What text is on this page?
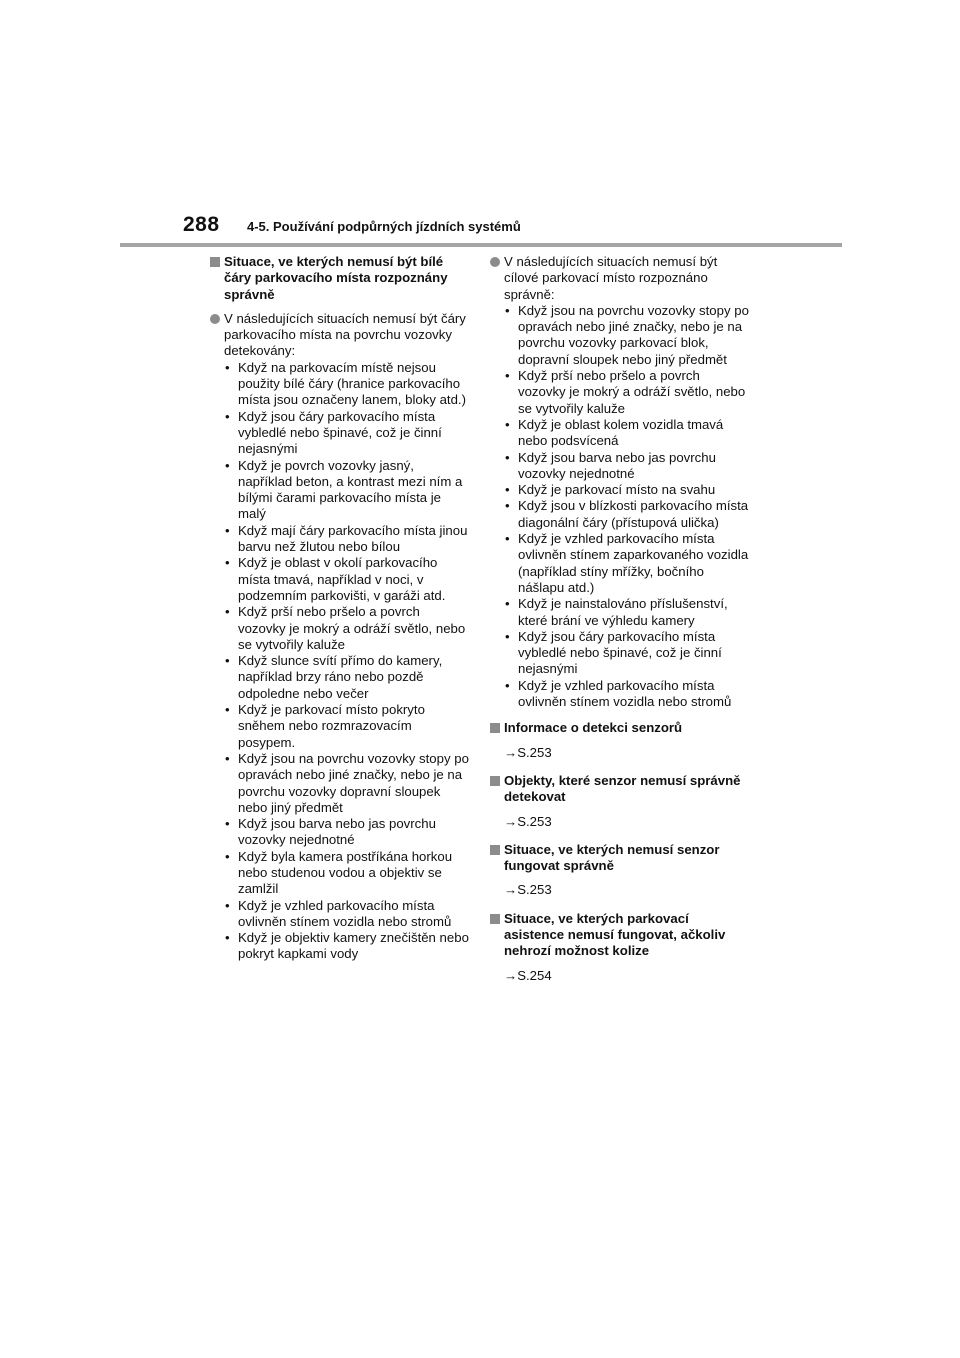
288 4-5. Používání podpůrných jízdních systémů
Situace, ve kterých nemusí být bílé čáry parkovacího místa rozpoznány správně
V následujících situacích nemusí být čáry parkovacího místa na povrchu vozovky detekovány:
• Když na parkovacím místě nejsou použity bílé čáry (hranice parkovacího místa jsou označeny lanem, bloky atd.)
• Když jsou čáry parkovacího místa vybledlé nebo špinavé, což je činní nejasnými
• Když je povrch vozovky jasný, například beton, a kontrast mezi ním a bílými čarami parkovacího místa je malý
• Když mají čáry parkovacího místa jinou barvu než žlutou nebo bílou
• Když je oblast v okolí parkovacího místa tmavá, například v noci, v podzemním parkovišti, v garáži atd.
• Když prší nebo pršelo a povrch vozovky je mokrý a odráží světlo, nebo se vytvořily kaluže
• Když slunce svítí přímo do kamery, například brzy ráno nebo pozdě odpoledne nebo večer
• Když je parkovací místo pokryto sněhem nebo rozmrazovacím posypem.
• Když jsou na povrchu vozovky stopy po opravách nebo jiné značky, nebo je na povrchu vozovky dopravní sloupek nebo jiný předmět
• Když jsou barva nebo jas povrchu vozovky nejednotné
• Když byla kamera postříkána horkou nebo studenou vodou a objektiv se zamlžil
• Když je vzhled parkovacího místa ovlivněn stínem vozidla nebo stromů
• Když je objektiv kamery znečištěn nebo pokryt kapkami vody
V následujících situacích nemusí být cílové parkovací místo rozpoznáno správně:
• Když jsou na povrchu vozovky stopy po opravách nebo jiné značky, nebo je na povrchu vozovky parkovací blok, dopravní sloupek nebo jiný předmět
• Když prší nebo pršelo a povrch vozovky je mokrý a odráží světlo, nebo se vytvořily kaluže
• Když je oblast kolem vozidla tmavá nebo podsvícená
• Když jsou barva nebo jas povrchu vozovky nejednotné
• Když je parkovací místo na svahu
• Když jsou v blízkosti parkovacího místa diagonální čáry (přístupová ulička)
• Když je vzhled parkovacího místa ovlivněn stínem zaparkovaného vozidla (například stíny mřížky, bočního nášlapu atd.)
• Když je nainstalováno příslušenství, které brání ve výhledu kamery
• Když jsou čáry parkovacího místa vybledlé nebo špinavé, což je činní nejasnými
• Když je vzhled parkovacího místa ovlivněn stínem vozidla nebo stromů
Informace o detekci senzorů
→S.253
Objekty, které senzor nemusí správně detekovat
→S.253
Situace, ve kterých nemusí senzor fungovat správně
→S.253
Situace, ve kterých parkovací asistence nemusí fungovat, ačkoliv nehrozí možnost kolize
→S.254
